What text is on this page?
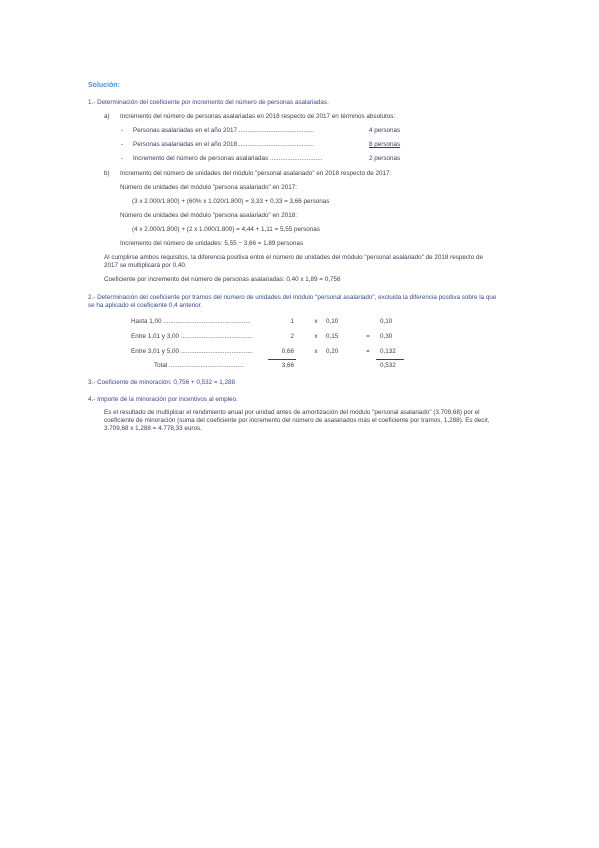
Solución:
1.- Determinación del coeficiente por incremento del número de personas asalariadas.
a) Incremento del número de personas asalariadas en 2018 respecto de 2017 en términos absolutos:
- Personas asalariadas en el año 2017 ...........................................	4 personas
- Personas asalariadas en el año 2018 ...........................................	8 personas
- Incremento del número de personas asalariadas ..............................	2 personas
b) Incremento del número de unidades del módulo "personal asalariado" en 2018 respecto de 2017:
Número de unidades del módulo "persona asalariado" en 2017:
(3 x 2.000/1.800) + (60% x 1.020/1.800) = 3,33 + 0,33 = 3,66 personas
Número de unidades del módulo "persona asalariado" en 2018:
(4 x 2.000/1.800) + (2 x 1.000/1.800) = 4,44 + 1,11 = 5,55 personas
Incremento del número de unidades: 5,55 − 3,66 = 1,89 personas
Al cumplirse ambos requisitos, la diferencia positiva entre el número de unidades del módulo "personal asalariado" de 2018 respecto de 2017 se multiplicará por 0,40.
Coeficiente por incremento del número de personas asalariadas: 0,40 x 1,89 = 0,756
2.- Determinación del coeficiente por tramos del número de unidades del módulo "personal asalariado", excluida la diferencia positiva sobre la que se ha aplicado el coeficiente 0,4 anterior.
Hasta 1,00 ..................................................	1	x	0,10	0,10
Entre 1,01 y 3,00 .........................................	2	x	0,15	=	0,30
Entre 3,01 y 5,00 .........................................	0,66	x	0,20	=	0,132
Total ...........................................	3,66	0,532
3.- Coeficiente de minoración: 0,756 + 0,532 = 1,288
4.- Importe de la minoración por incentivos al empleo.
Es el resultado de multiplicar el rendimiento anual por unidad antes de amortización del módulo "personal asalariado" (3.709,68) por el coeficiente de minoración (suma del coeficiente por incremento del número de asalariados más el coeficiente por tramos, 1,288). Es decir, 3.709,68 x 1,288 = 4.778,33 euros.
